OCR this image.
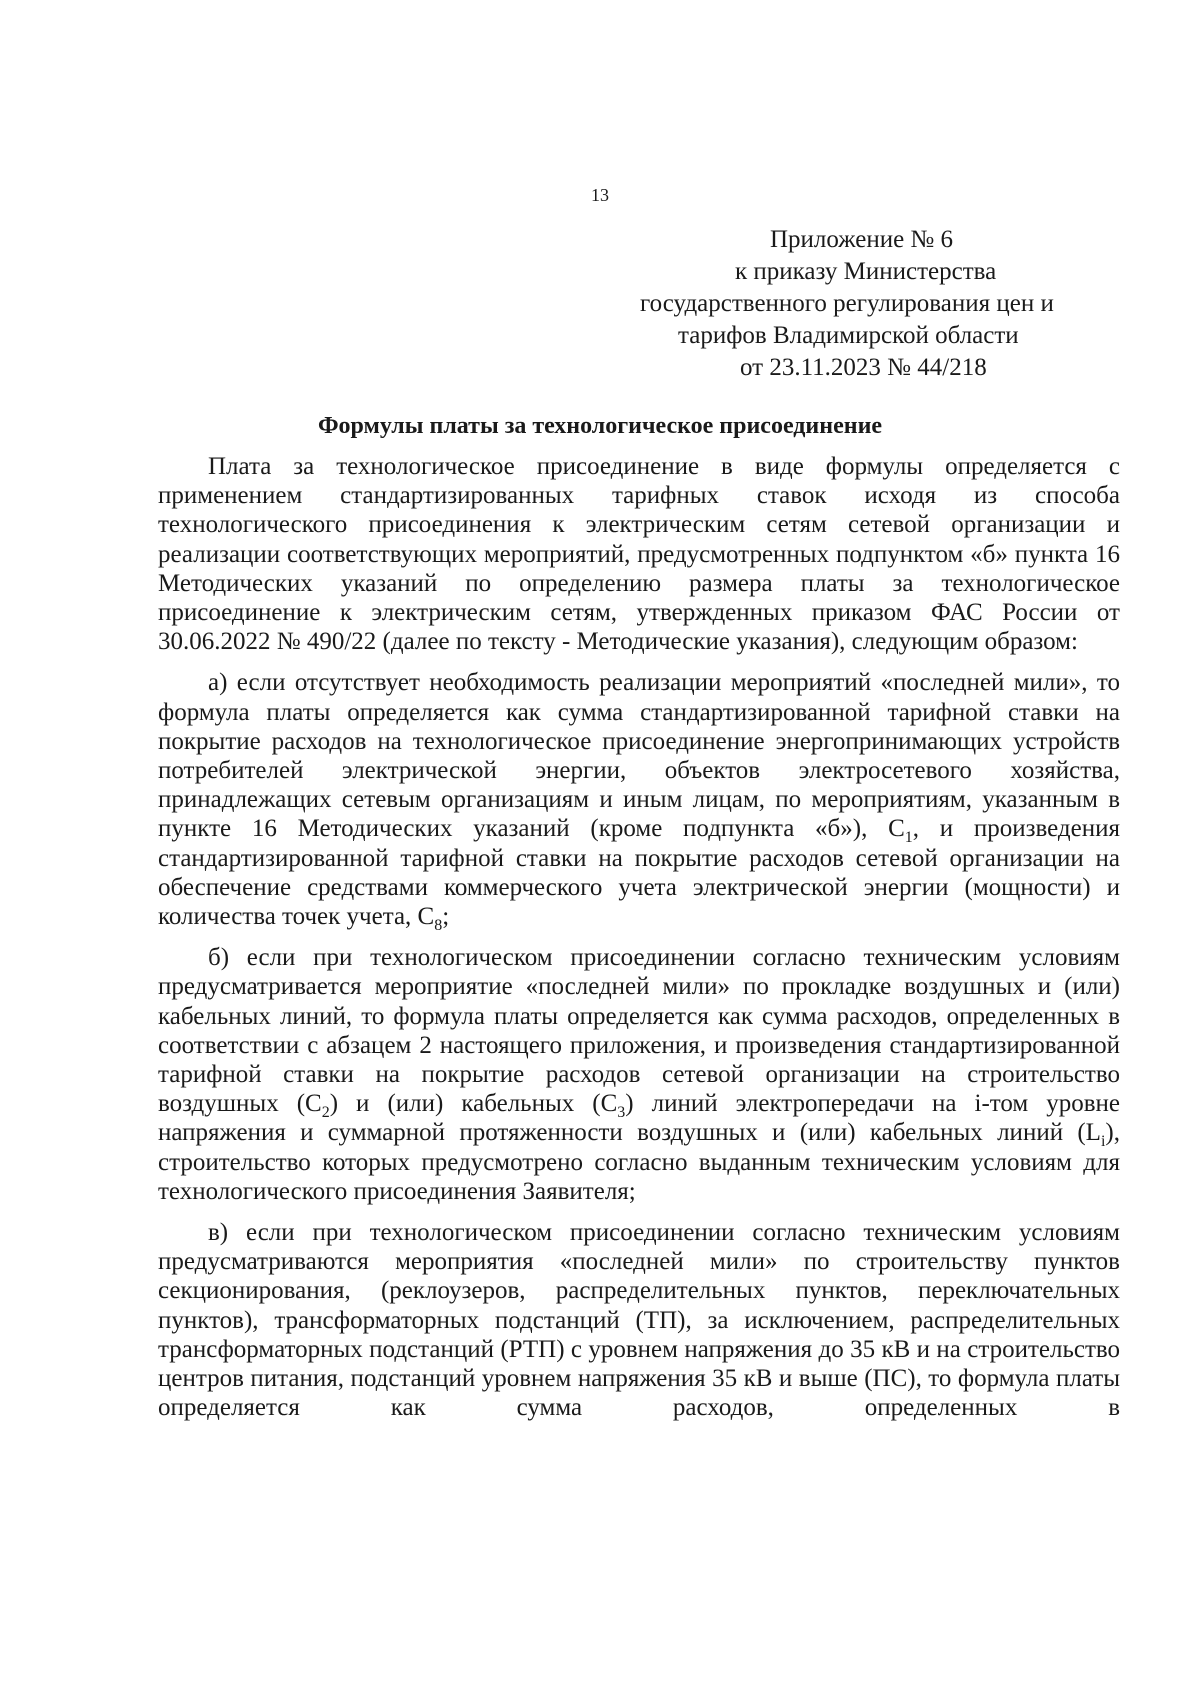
13
Приложение № 6
к приказу Министерства
государственного регулирования цен и
тарифов Владимирской области
от 23.11.2023 № 44/218
Формулы платы за технологическое присоединение

Плата за технологическое присоединение в виде формулы определяется с применением стандартизированных тарифных ставок исходя из способа технологического присоединения к электрическим сетям сетевой организации и реализации соответствующих мероприятий, предусмотренных подпунктом «б» пункта 16 Методических указаний по определению размера платы за технологическое присоединение к электрическим сетям, утвержденных приказом ФАС России от 30.06.2022 № 490/22 (далее по тексту - Методические указания), следующим образом:

а) если отсутствует необходимость реализации мероприятий «последней мили», то формула платы определяется как сумма стандартизированной тарифной ставки на покрытие расходов на технологическое присоединение энергопринимающих устройств потребителей электрической энергии, объектов электросетевого хозяйства, принадлежащих сетевым организациям и иным лицам, по мероприятиям, указанным в пункте 16 Методических указаний (кроме подпункта «б»), $С_1$, и произведения стандартизированной тарифной ставки на покрытие расходов сетевой организации на обеспечение средствами коммерческого учета электрической энергии (мощности) и количества точек учета, $С_8$;

б) если при технологическом присоединении согласно техническим условиям предусматривается мероприятие «последней мили» по прокладке воздушных и (или) кабельных линий, то формула платы определяется как сумма расходов, определенных в соответствии с абзацем 2 настоящего приложения, и произведения стандартизированной тарифной ставки на покрытие расходов сетевой организации на строительство воздушных $(С_2)$ и (или) кабельных $(С_3)$ линий электропередачи на i-том уровне напряжения и суммарной протяженности воздушных и (или) кабельных линий $(L_i)$, строительство которых предусмотрено согласно выданным техническим условиям для технологического присоединения Заявителя;

в) если при технологическом присоединении согласно техническим условиям предусматриваются мероприятия «последней мили» по строительству пунктов секционирования, (реклоузеров, распределительных пунктов, переключательных пунктов), трансформаторных подстанций (ТП), за исключением, распределительных трансформаторных подстанций (РТП) с уровнем напряжения до 35 кВ и на строительство центров питания, подстанций уровнем напряжения 35 кВ и выше (ПС), то формула платы определяется как сумма расходов, определенных в
